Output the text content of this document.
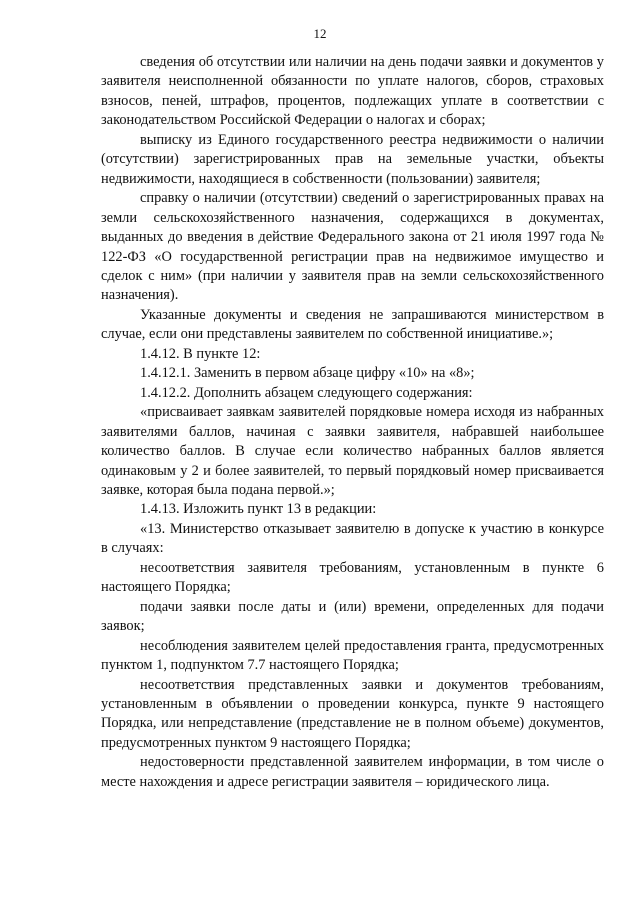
12

сведения об отсутствии или наличии на день подачи заявки и документов у заявителя неисполненной обязанности по уплате налогов, сборов, страховых взносов, пеней, штрафов, процентов, подлежащих уплате в соответствии с законодательством Российской Федерации о налогах и сборах;

выписку из Единого государственного реестра недвижимости о наличии (отсутствии) зарегистрированных прав на земельные участки, объекты недвижимости, находящиеся в собственности (пользовании) заявителя;

справку о наличии (отсутствии) сведений о зарегистрированных правах на земли сельскохозяйственного назначения, содержащихся в документах, выданных до введения в действие Федерального закона от 21 июля 1997 года № 122-ФЗ «О государственной регистрации прав на недвижимое имущество и сделок с ним» (при наличии у заявителя прав на земли сельскохозяйственного назначения).

Указанные документы и сведения не запрашиваются министерством в случае, если они представлены заявителем по собственной инициативе.»;

1.4.12. В пункте 12:

1.4.12.1. Заменить в первом абзаце цифру «10» на «8»;

1.4.12.2. Дополнить абзацем следующего содержания:

«присваивает заявкам заявителей порядковые номера исходя из набранных заявителями баллов, начиная с заявки заявителя, набравшей наибольшее количество баллов. В случае если количество набранных баллов является одинаковым у 2 и более заявителей, то первый порядковый номер присваивается заявке, которая была подана первой.»;

1.4.13. Изложить пункт 13 в редакции:

«13. Министерство отказывает заявителю в допуске к участию в конкурсе в случаях:

несоответствия заявителя требованиям, установленным в пункте 6 настоящего Порядка;

подачи заявки после даты и (или) времени, определенных для подачи заявок;

несоблюдения заявителем целей предоставления гранта, предусмотренных пунктом 1, подпунктом 7.7 настоящего Порядка;

несоответствия представленных заявки и документов требованиям, установленным в объявлении о проведении конкурса, пункте 9 настоящего Порядка, или непредставление (представление не в полном объеме) документов, предусмотренных пунктом 9 настоящего Порядка;

недостоверности представленной заявителем информации, в том числе о месте нахождения и адресе регистрации заявителя – юридического лица.
